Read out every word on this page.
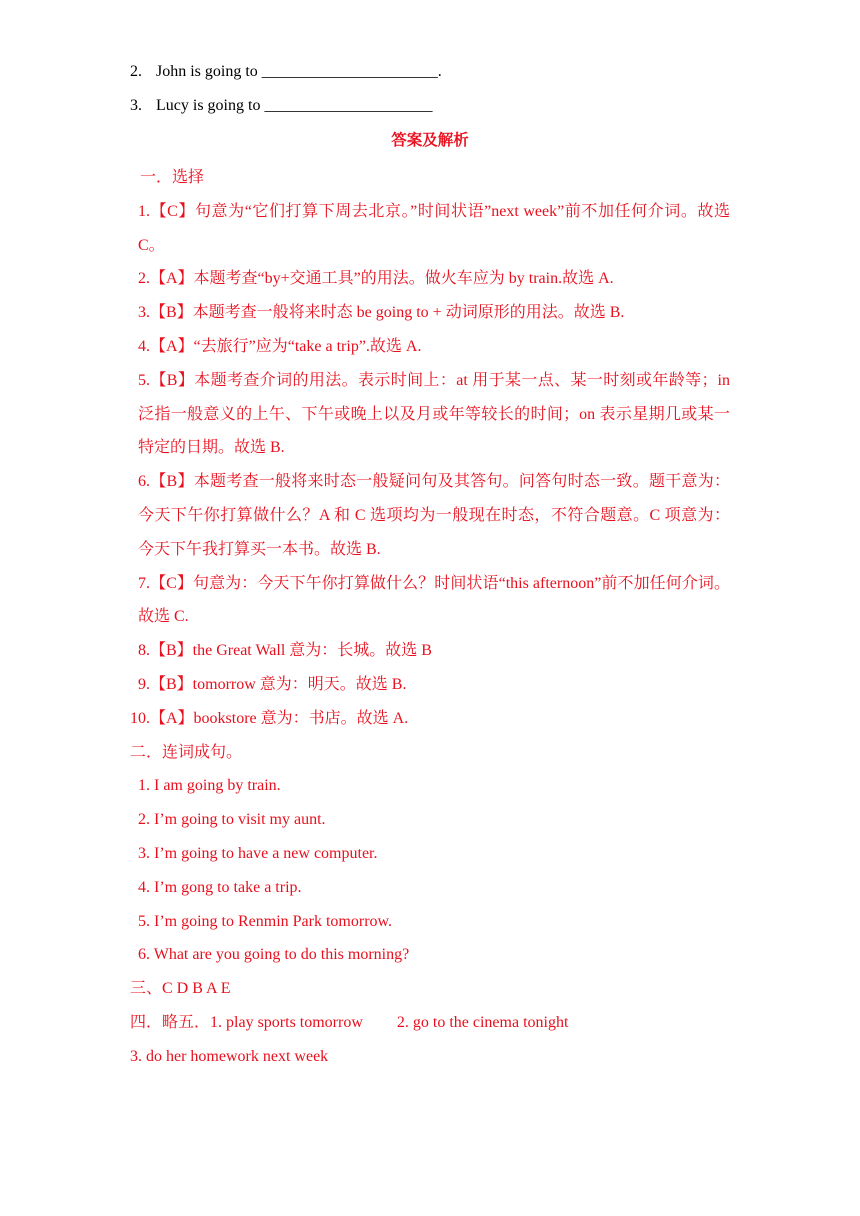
2. John is going to ______________________.
3. Lucy is going to _____________________
答案及解析

一．选择

1.【C】句意为“它们打算下周去北京。”时间状语”next week”前不加任何介词。故选 C。

2.【A】本题考查“by+交通工具”的用法。做火车应为 by train.故选 A.

3.【B】本题考查一般将来时态 be going to + 动词原形的用法。故选 B.

4.【A】“去旅行”应为“take a trip”.故选 A.

5.【B】本题考查介词的用法。表示时间上：at 用于某一点、某一时刻或年龄等；in 泛指一般意义的上午、下午或晚上以及月或年等较长的时间；on 表示星期几或某一特定的日期。故选 B.

6.【B】本题考查一般将来时态一般疑问句及其答句。问答句时态一致。题干意为：今天下午你打算做什么？A 和 C 选项均为一般现在时态，不符合题意。C 项意为：今天下午我打算买一本书。故选 B.

7.【C】句意为：今天下午你打算做什么？时间状语“this afternoon”前不加任何介词。故选 C.

8.【B】the Great Wall 意为：长城。故选 B

9.【B】tomorrow 意为：明天。故选 B.

10.【A】bookstore 意为：书店。故选 A.

二．连词成句。

1. I am going by train.

2. I’m going to visit my aunt.

3. I’m going to have a new computer.

4. I’m gong to take a trip.

5. I’m going to Renmin Park tomorrow.

6. What are you going to do this morning?

三、C D B A E

四．略五．1. play sports tomorrow 2. go to the cinema tonight

3. do her homework next week
